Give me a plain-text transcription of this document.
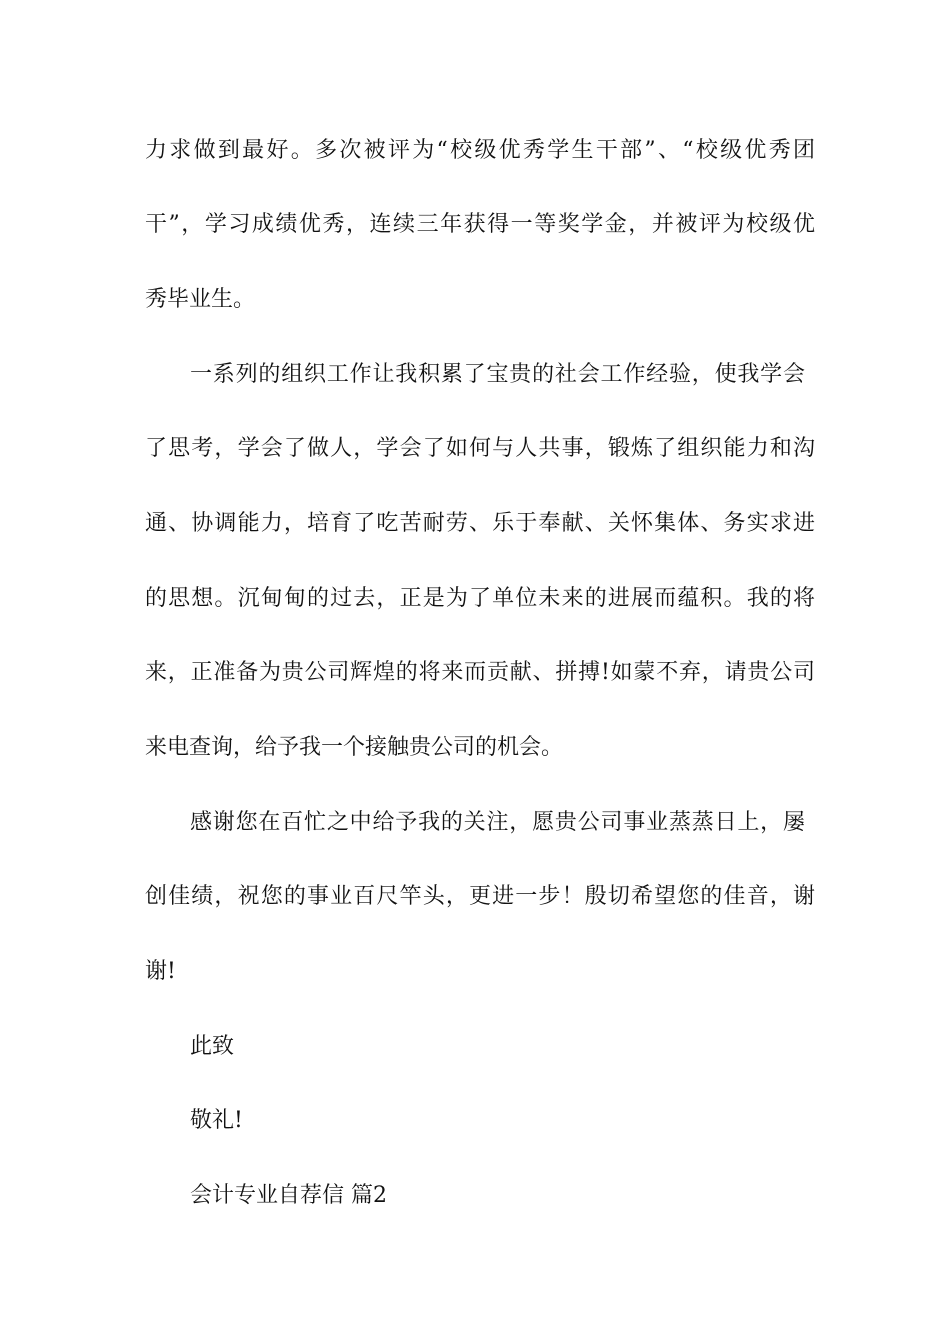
力求做到最好。多次被评为“校级优秀学生干部”、“校级优秀团
干”，学习成绩优秀，连续三年获得一等奖学金，并被评为校级优
秀毕业生。
一系列的组织工作让我积累了宝贵的社会工作经验，使我学会
了思考，学会了做人，学会了如何与人共事，锻炼了组织能力和沟
通、协调能力，培育了吃苦耐劳、乐于奉献、关怀集体、务实求进
的思想。沉甸甸的过去，正是为了单位未来的进展而蕴积。我的将
来，正准备为贵公司辉煌的将来而贡献、拼搏!如蒙不弃，请贵公司
来电查询，给予我一个接触贵公司的机会。
感谢您在百忙之中给予我的关注，愿贵公司事业蒸蒸日上，屡
创佳绩，祝您的事业百尺竿头，更进一步！殷切希望您的佳音，谢
谢!
此致
敬礼!
会计专业自荐信 篇2
